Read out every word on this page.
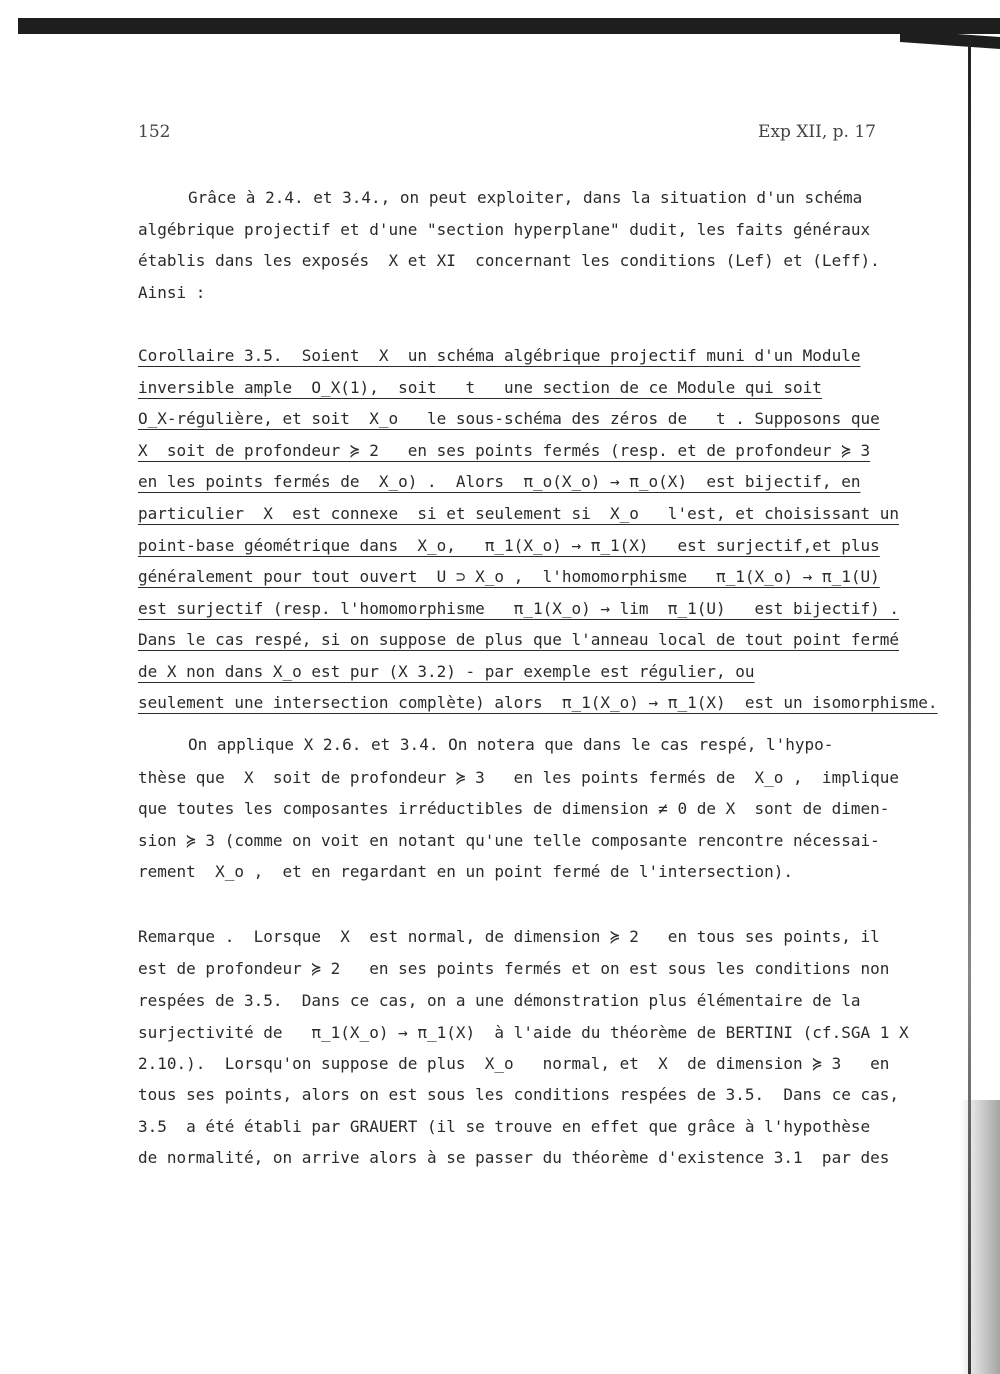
152	Exp XII, p. 17
Grâce à 2.4. et 3.4., on peut exploiter, dans la situation d'un schéma
algébrique projectif et d'une "section hyperplane" dudit, les faits généraux
établis dans les exposés  X et XI  concernant les conditions (Lef) et (Leff).
Ainsi :
Corollaire 3.5.  Soient  X  un schéma algébrique projectif muni d'un Module
inversible ample  O_X(1),  soit   t   une section de ce Module qui soit
O_X-régulière, et soit  X_o   le sous-schéma des zéros de   t . Supposons que
X  soit de profondeur ≽ 2   en ses points fermés (resp. et de profondeur ≽ 3
en les points fermés de  X_o) .  Alors  π_o(X_o) → π_o(X)  est bijectif, en
particulier  X  est connexe  si et seulement si  X_o   l'est, et choisissant un
point-base géométrique dans  X_o,   π_1(X_o) → π_1(X)   est surjectif,et plus
généralement pour tout ouvert  U ⊃ X_o ,  l'homomorphisme   π_1(X_o) → π_1(U)
est surjectif (resp. l'homomorphisme   π_1(X_o) → lim  π_1(U)   est bijectif) .
Dans le cas respé, si on suppose de plus que l'anneau local de tout point fermé
de X non dans X_o est pur (X 3.2) - par exemple est régulier, ou
seulement une intersection complète) alors  π_1(X_o) → π_1(X)  est un isomorphisme.
On applique X 2.6. et 3.4. On notera que dans le cas respé, l'hypo-
thèse que  X  soit de profondeur ≽ 3   en les points fermés de  X_o ,  implique
que toutes les composantes irréductibles de dimension ≠ 0 de X  sont de dimen-
sion ≽ 3 (comme on voit en notant qu'une telle composante rencontre nécessai-
rement  X_o ,  et en regardant en un point fermé de l'intersection).
Remarque .  Lorsque  X  est normal, de dimension ≽ 2   en tous ses points, il
est de profondeur ≽ 2   en ses points fermés et on est sous les conditions non
respées de 3.5.  Dans ce cas, on a une démonstration plus élémentaire de la
surjectivité de   π_1(X_o) → π_1(X)  à l'aide du théorème de BERTINI (cf.SGA 1 X
2.10.).  Lorsqu'on suppose de plus  X_o   normal, et  X  de dimension ≽ 3   en
tous ses points, alors on est sous les conditions respées de 3.5.  Dans ce cas,
3.5  a été établi par GRAUERT (il se trouve en effet que grâce à l'hypothèse
de normalité, on arrive alors à se passer du théorème d'existence 3.1  par des
